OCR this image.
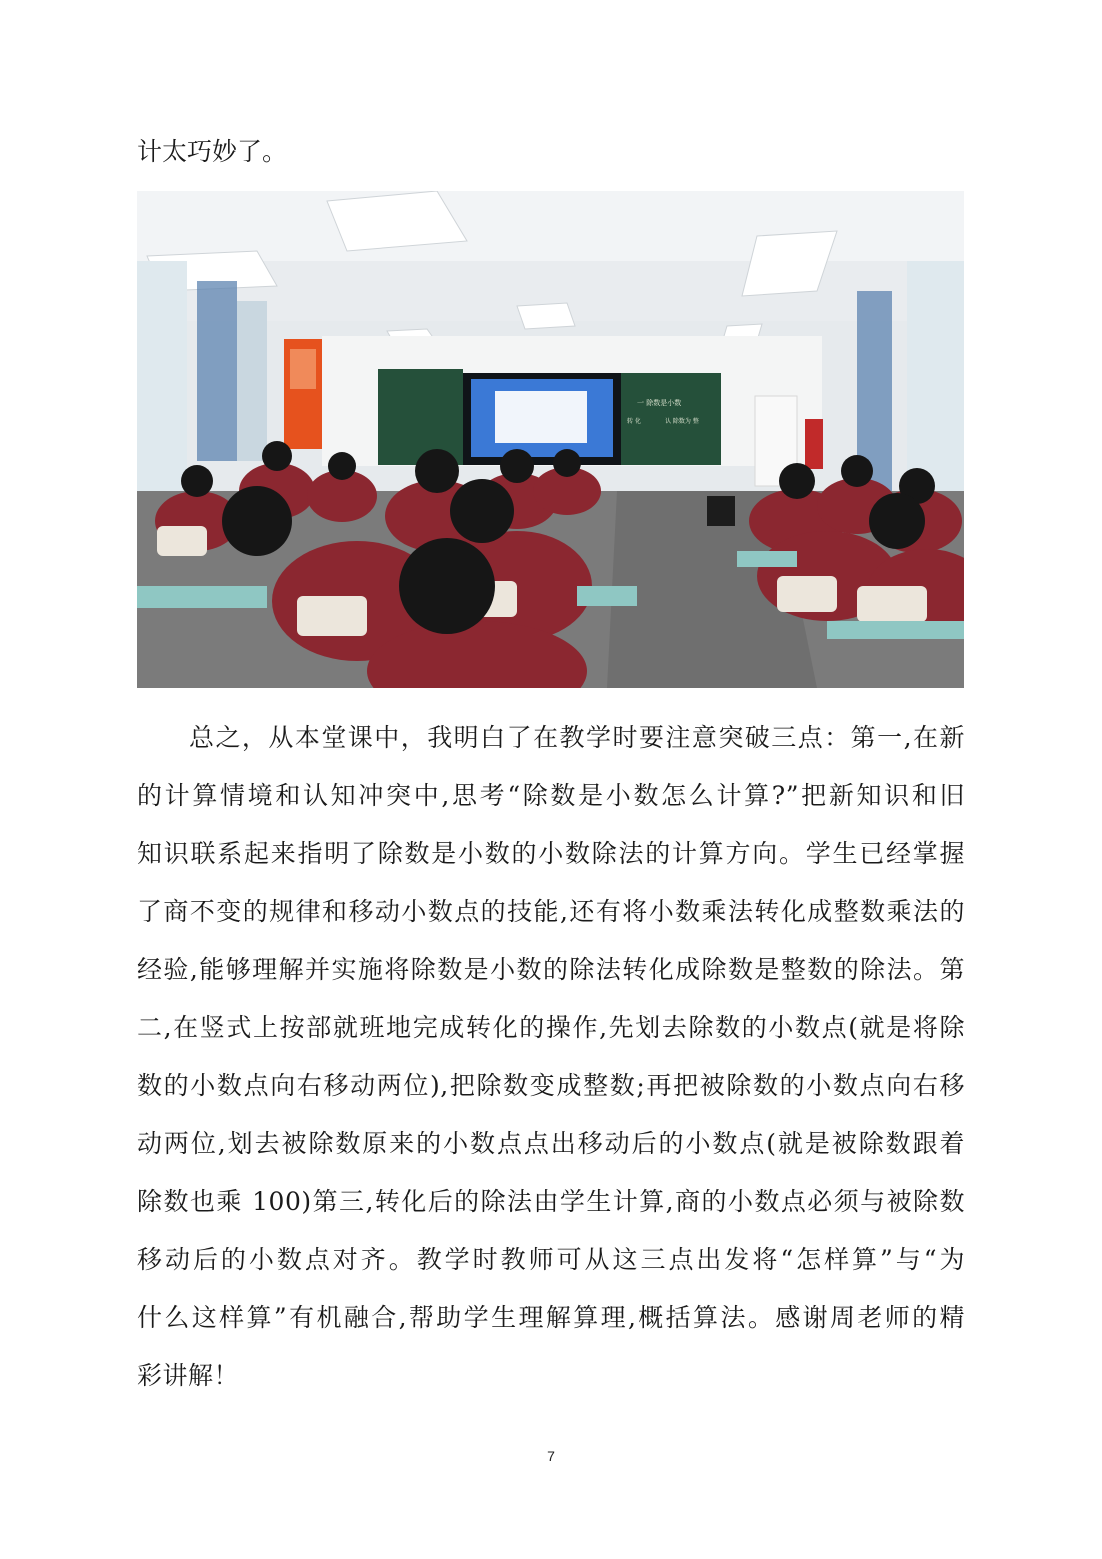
计太巧妙了。

一 除数是小数
转 化	认 除数为 整
总之，从本堂课中，我明白了在教学时要注意突破三点：第一,在新
的计算情境和认知冲突中,思考“除数是小数怎么计算?”把新知识和旧
知识联系起来指明了除数是小数的小数除法的计算方向。学生已经掌握
了商不变的规律和移动小数点的技能,还有将小数乘法转化成整数乘法的
经验,能够理解并实施将除数是小数的除法转化成除数是整数的除法。第
二,在竖式上按部就班地完成转化的操作,先划去除数的小数点(就是将除
数的小数点向右移动两位),把除数变成整数;再把被除数的小数点向右移
动两位,划去被除数原来的小数点点出移动后的小数点(就是被除数跟着
除数也乘 100)第三,转化后的除法由学生计算,商的小数点必须与被除数
移动后的小数点对齐。教学时教师可从这三点出发将“怎样算”与“为
什么这样算”有机融合,帮助学生理解算理,概括算法。感谢周老师的精
彩讲解！
7
